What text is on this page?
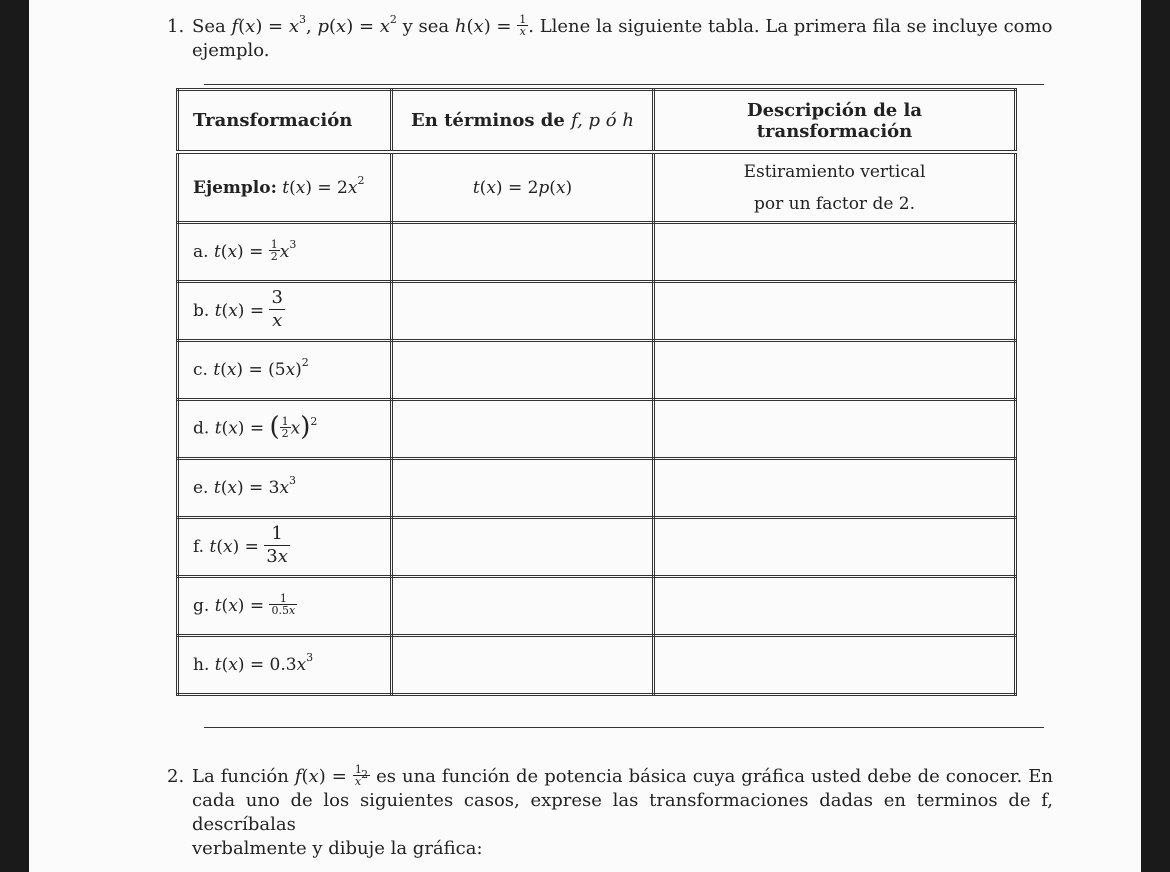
1. Sea $f(x) = x^3$, $p(x) = x^2$ y sea $h(x) = \frac{1}{x}$ . Llene la siguiente tabla. La primera fila se incluye como
ejemplo.
Transformación	En términos de f, p ó h	Descripción de la transformación
Ejemplo: $t(x) = 2x^2$	t(x) = 2p(x)	Estiramiento vertical
por un factor de 2.

a. $t(x) = \frac{1}{2} x^3$		
b. $t(x) = \frac{3}{x}$

c. $t(x) = (5x)^2$		
d. t(x) = ( $\frac{1}{2} x)^2$		
e. $t(x) = 3x^3$		
f. $t(x) = \frac{1}{3x}$

g. $t(x) = \frac{1}{0.5x}$

h. $t(x) = 0.3x^3$		
2. La función $f(x) = \frac{1}{x^2}$ es una función de potencia básica cuya gráfica usted debe de conocer. En
cada uno de los siguientes casos, exprese las transformaciones dadas en terminos de f, descríbalas
verbalmente y dibuje la gráfica:
